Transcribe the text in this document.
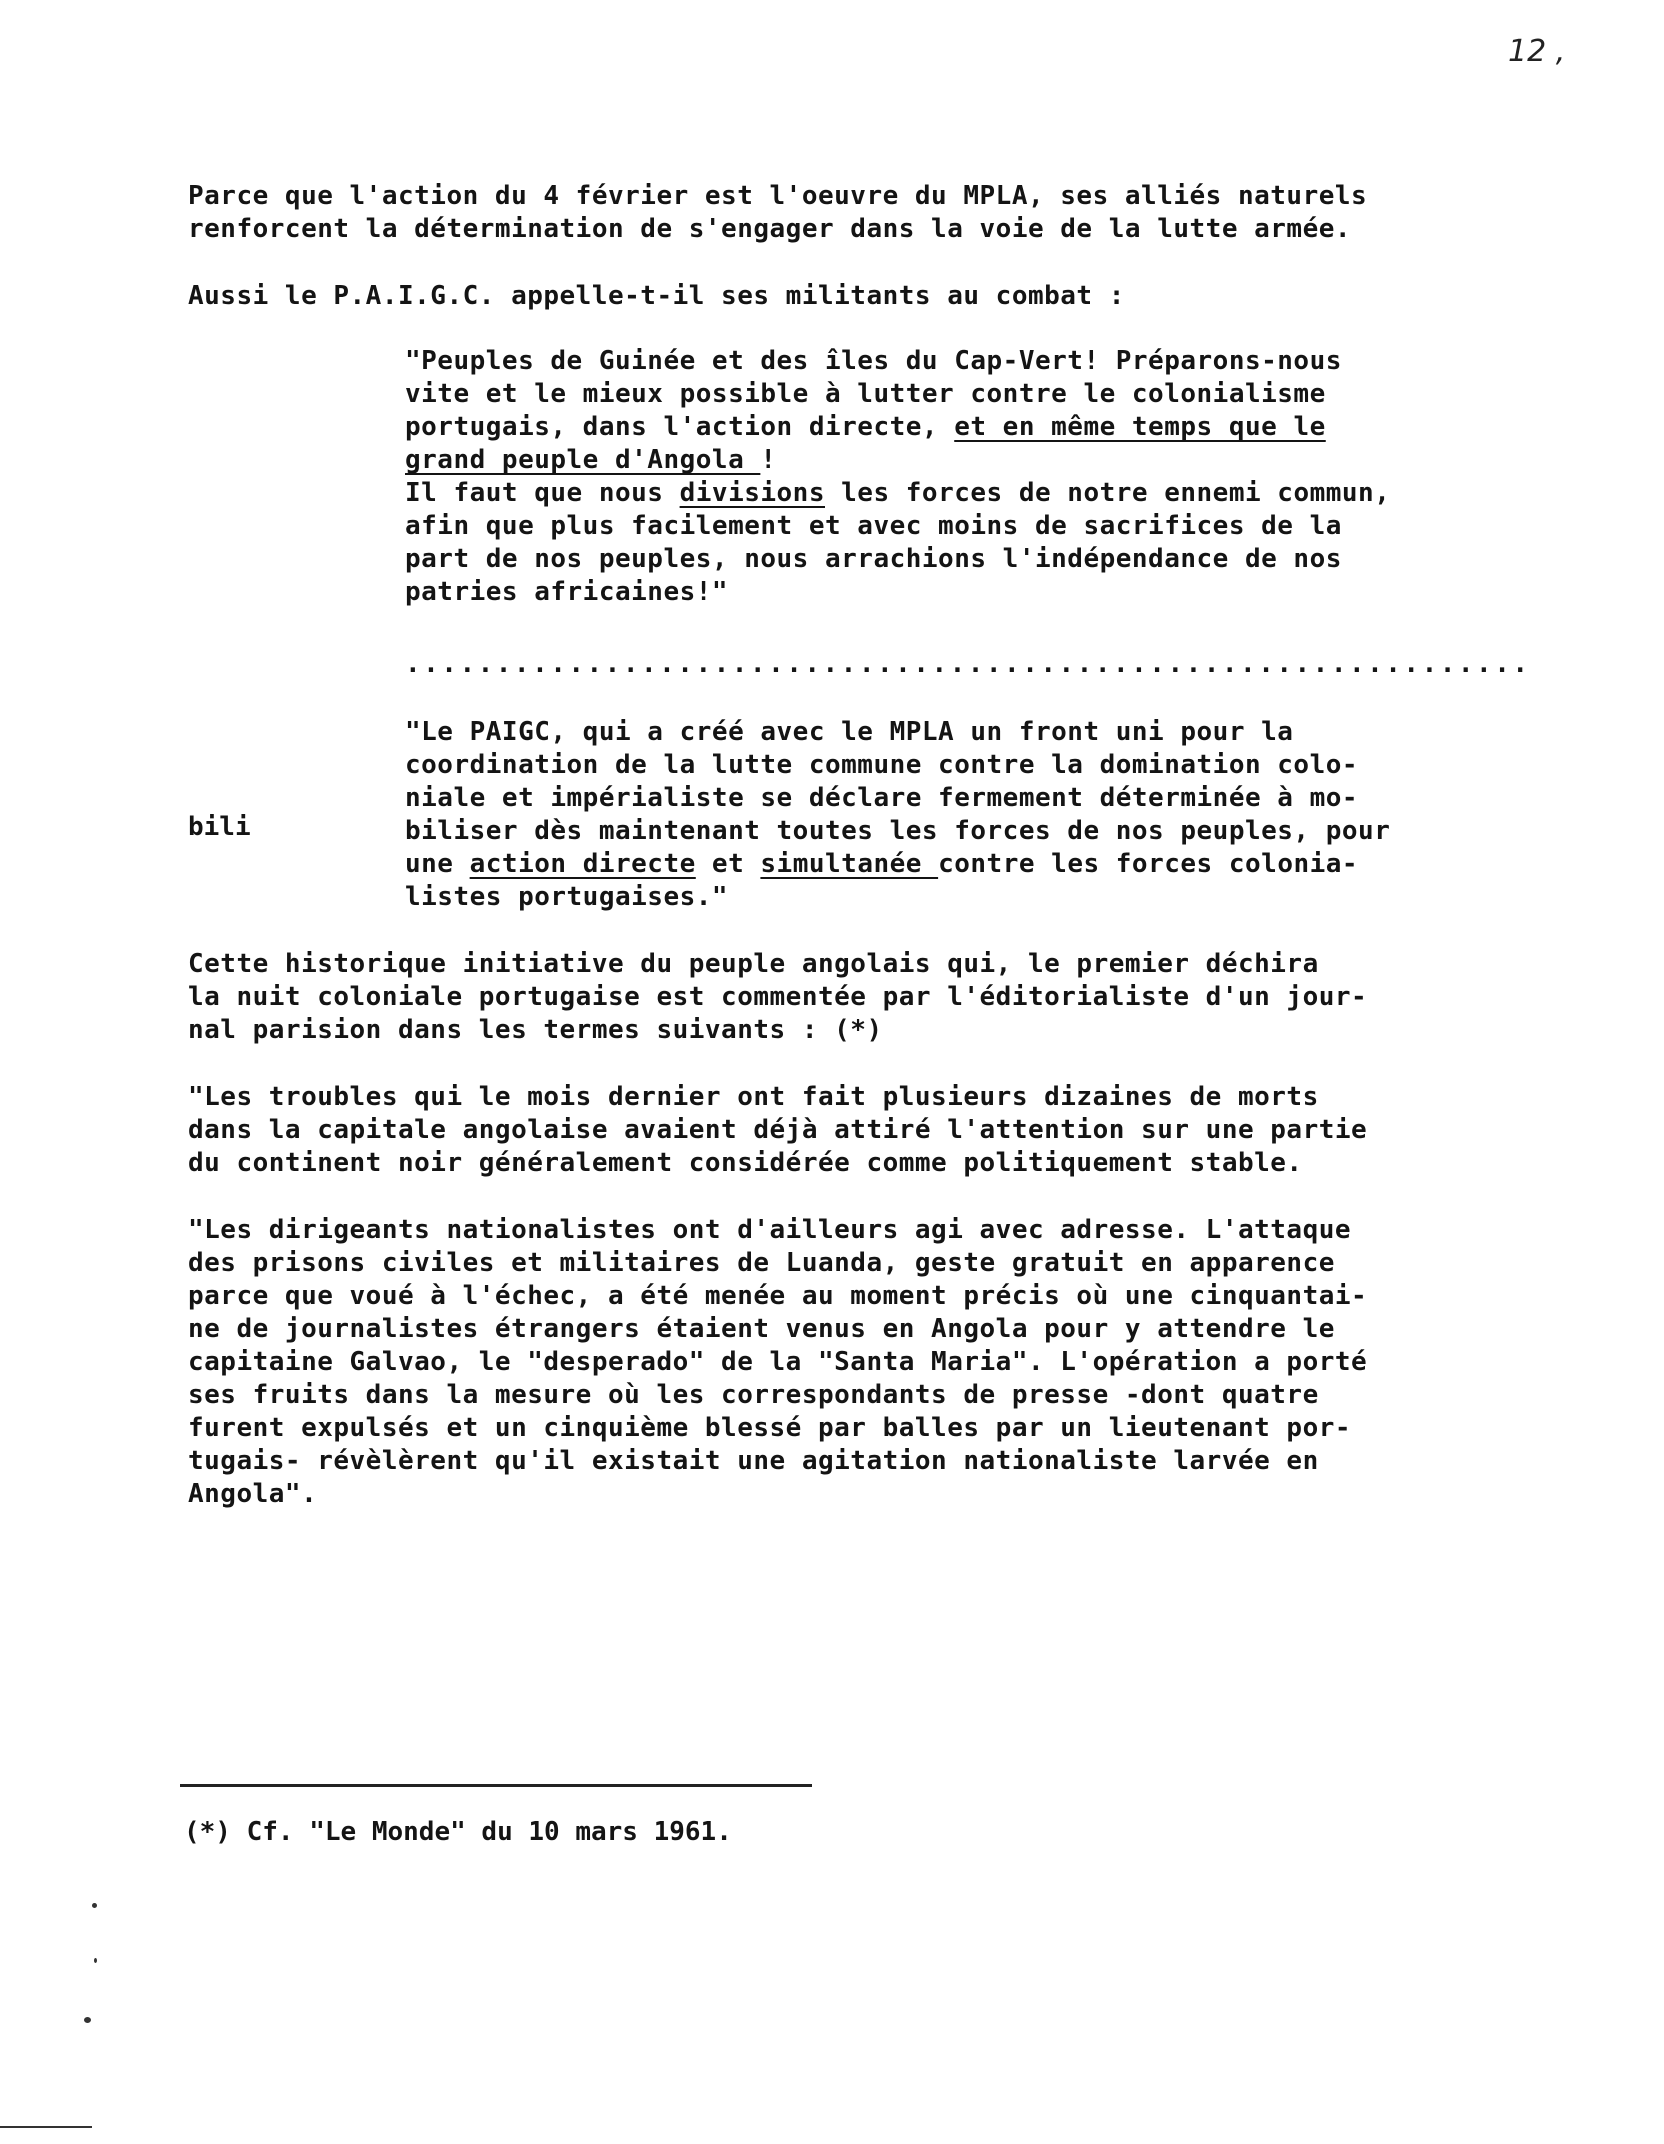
12 ,
Parce que l'action du 4 février est l'oeuvre du MPLA, ses alliés naturels
renforcent la détermination de s'engager dans la voie de la lutte armée.
Aussi le P.A.I.G.C. appelle-t-il ses militants au combat :
"Peuples de Guinée et des îles du Cap-Vert! Préparons-nous
vite et le mieux possible à lutter contre le colonialisme
portugais, dans l'action directe, et en même temps que le
grand peuple d'Angola !
Il faut que nous divisions les forces de notre ennemi commun,
afin que plus facilement et avec moins de sacrifices de la
part de nos peuples, nous arrachions l'indépendance de nos
patries africaines!"
..............................................................
"Le PAIGC, qui a créé avec le MPLA un front uni pour la
coordination de la lutte commune contre la domination colo-
niale et impérialiste se déclare fermement déterminée à mo-
biliser dès maintenant toutes les forces de nos peuples, pour
une action directe et simultanée contre les forces colonia-
listes portugaises."
bili
Cette historique initiative du peuple angolais qui, le premier déchira
la nuit coloniale portugaise est commentée par l'éditorialiste d'un jour-
nal parision dans les termes suivants : (*)
"Les troubles qui le mois dernier ont fait plusieurs dizaines de morts
dans la capitale angolaise avaient déjà attiré l'attention sur une partie
du continent noir généralement considérée comme politiquement stable.
"Les dirigeants nationalistes ont d'ailleurs agi avec adresse. L'attaque
des prisons civiles et militaires de Luanda, geste gratuit en apparence
parce que voué à l'échec, a été menée au moment précis où une cinquantai-
ne de journalistes étrangers étaient venus en Angola pour y attendre le
capitaine Galvao, le "desperado" de la "Santa Maria". L'opération a porté
ses fruits dans la mesure où les correspondants de presse -dont quatre
furent expulsés et un cinquième blessé par balles par un lieutenant por-
tugais- révèlèrent qu'il existait une agitation nationaliste larvée en
Angola".
(*) Cf. "Le Monde" du 10 mars 1961.
